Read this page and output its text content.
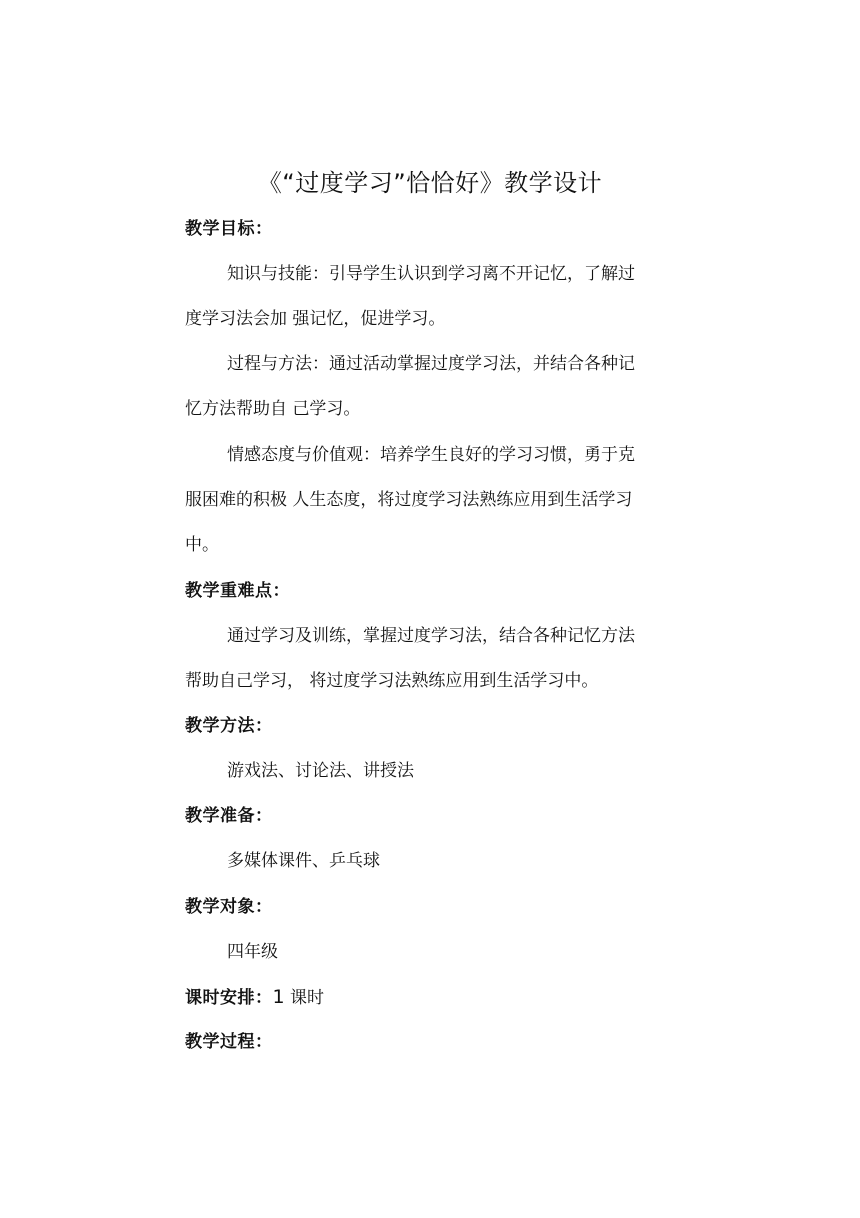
《“过度学习”恰恰好》教学设计
教学目标：
知识与技能：引导学生认识到学习离不开记忆，了解过
度学习法会加 强记忆，促进学习。
过程与方法：通过活动掌握过度学习法，并结合各种记
忆方法帮助自 己学习。
情感态度与价值观：培养学生良好的学习习惯，勇于克
服困难的积极 人生态度，将过度学习法熟练应用到生活学习
中。
教学重难点：
通过学习及训练，掌握过度学习法，结合各种记忆方法
帮助自己学习， 将过度学习法熟练应用到生活学习中。
教学方法：
游戏法、讨论法、讲授法
教学准备：
多媒体课件、乒乓球
教学对象：
四年级
课时安排：1 课时
教学过程：
